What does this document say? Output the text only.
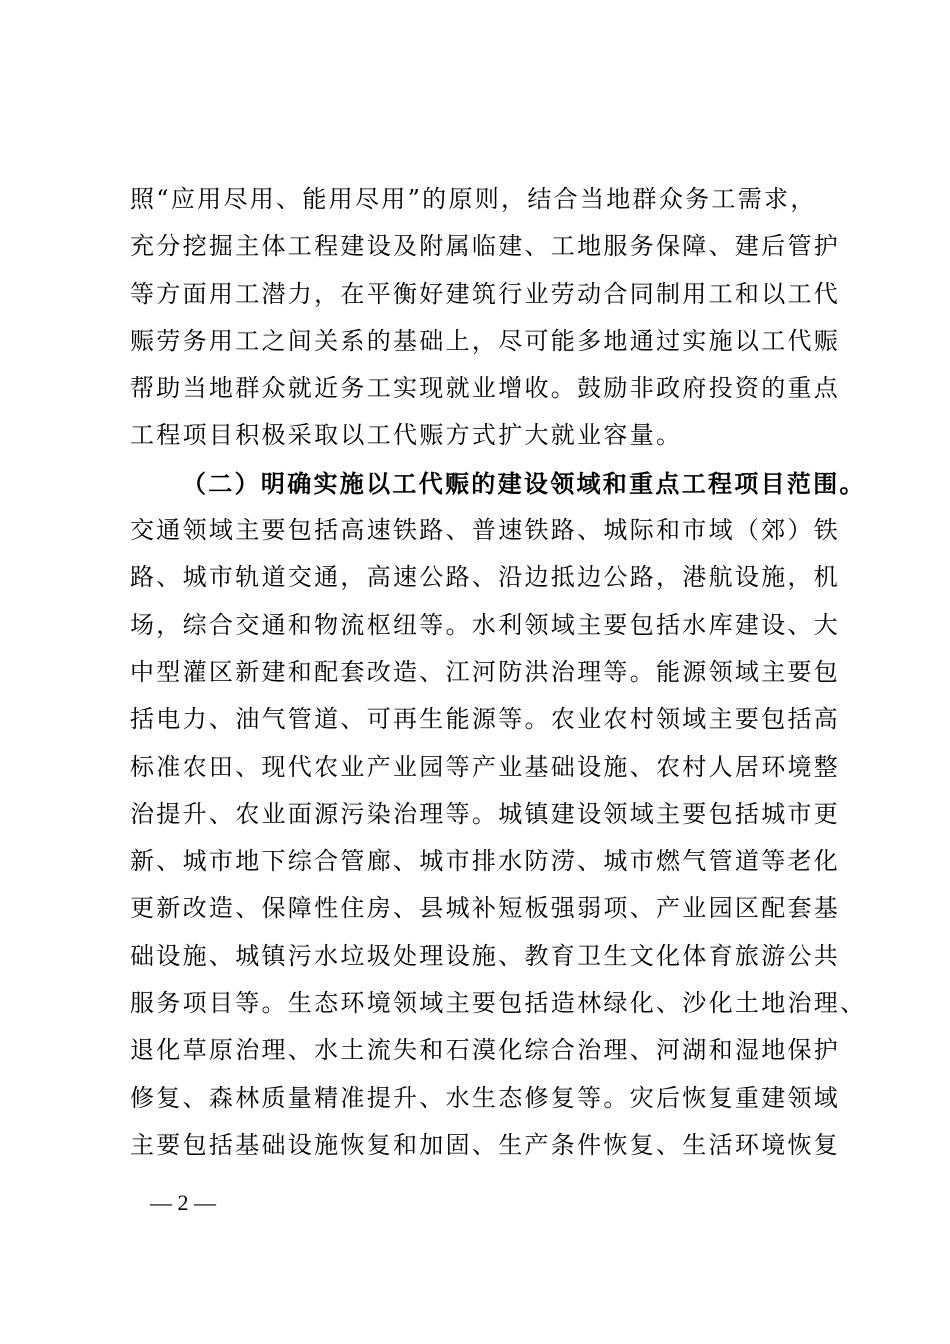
照“应用尽用、能用尽用”的原则，结合当地群众务工需求，
充分挖掘主体工程建设及附属临建、工地服务保障、建后管护
等方面用工潜力，在平衡好建筑行业劳动合同制用工和以工代
赈劳务用工之间关系的基础上，尽可能多地通过实施以工代赈
帮助当地群众就近务工实现就业增收。鼓励非政府投资的重点
工程项目积极采取以工代赈方式扩大就业容量。
（二）明确实施以工代赈的建设领域和重点工程项目范围。
交通领域主要包括高速铁路、普速铁路、城际和市域（郊）铁
路、城市轨道交通，高速公路、沿边抵边公路，港航设施，机
场，综合交通和物流枢纽等。水利领域主要包括水库建设、大
中型灌区新建和配套改造、江河防洪治理等。能源领域主要包
括电力、油气管道、可再生能源等。农业农村领域主要包括高
标准农田、现代农业产业园等产业基础设施、农村人居环境整
治提升、农业面源污染治理等。城镇建设领域主要包括城市更
新、城市地下综合管廊、城市排水防涝、城市燃气管道等老化
更新改造、保障性住房、县城补短板强弱项、产业园区配套基
础设施、城镇污水垃圾处理设施、教育卫生文化体育旅游公共
服务项目等。生态环境领域主要包括造林绿化、沙化土地治理、
退化草原治理、水土流失和石漠化综合治理、河湖和湿地保护
修复、森林质量精准提升、水生态修复等。灾后恢复重建领域
主要包括基础设施恢复和加固、生产条件恢复、生活环境恢复
— 2 —
